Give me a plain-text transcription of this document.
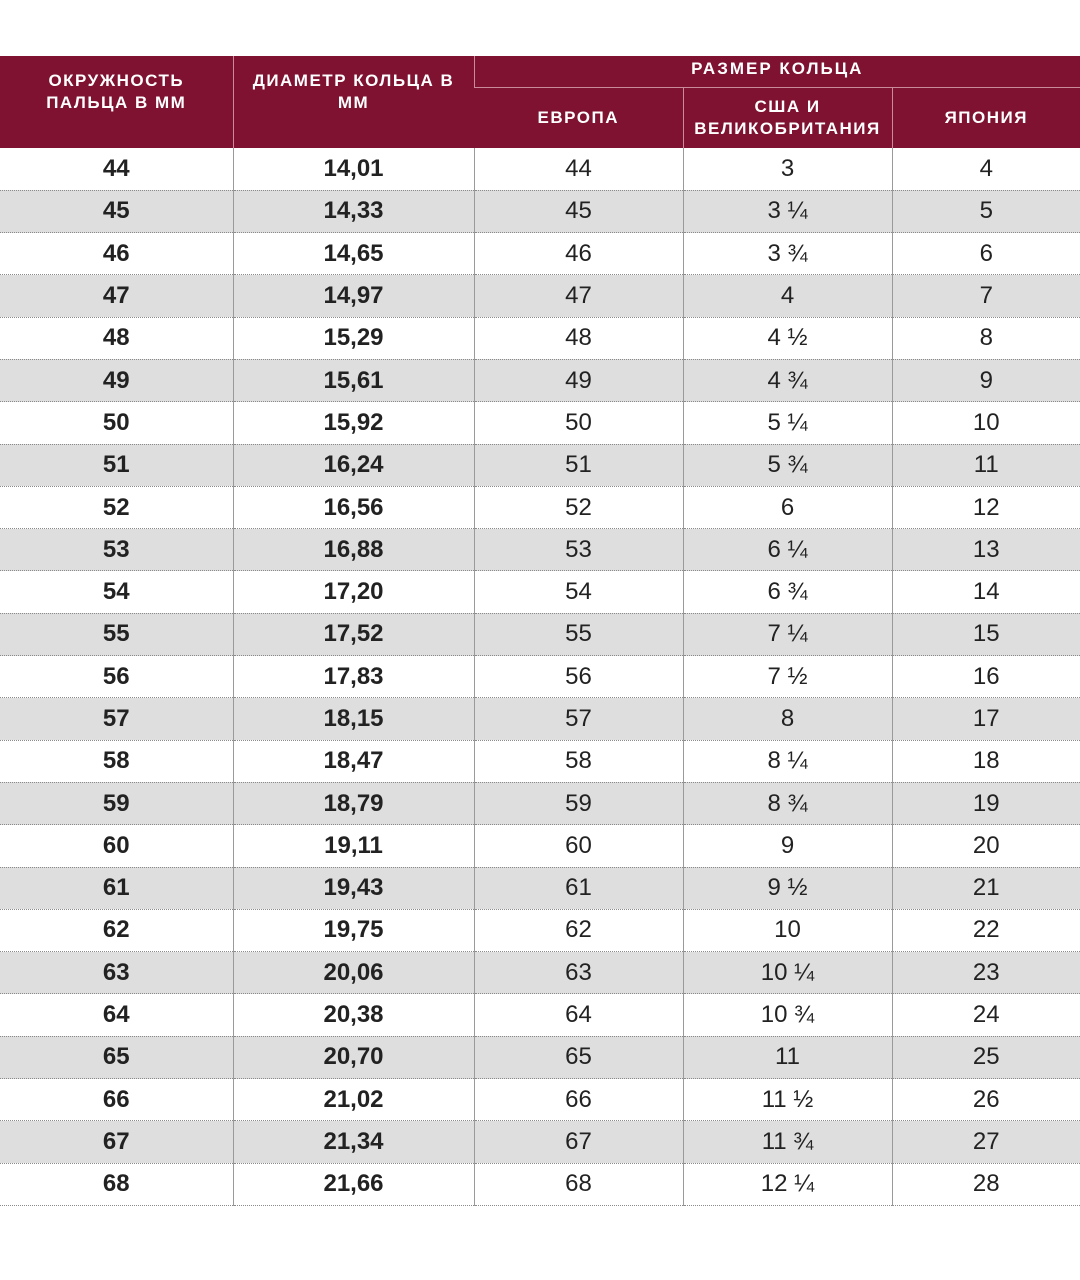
ОКРУЖНОСТЬ ПАЛЬЦА В ММ	ДИАМЕТР КОЛЬЦА В ММ	РАЗМЕР КОЛЬЦА		
		ЕВРОПА	США И ВЕЛИКОБРИТАНИЯ	ЯПОНИЯ
44	14,01	44	3	4
45	14,33	45	3 ¼	5
46	14,65	46	3 ¾	6
47	14,97	47	4	7
48	15,29	48	4 ½	8
49	15,61	49	4 ¾	9
50	15,92	50	5 ¼	10
51	16,24	51	5 ¾	11
52	16,56	52	6	12
53	16,88	53	6 ¼	13
54	17,20	54	6 ¾	14
55	17,52	55	7 ¼	15
56	17,83	56	7 ½	16
57	18,15	57	8	17
58	18,47	58	8 ¼	18
59	18,79	59	8 ¾	19
60	19,11	60	9	20
61	19,43	61	9 ½	21
62	19,75	62	10	22
63	20,06	63	10 ¼	23
64	20,38	64	10 ¾	24
65	20,70	65	11	25
66	21,02	66	11 ½	26
67	21,34	67	11 ¾	27
68	21,66	68	12 ¼	28
